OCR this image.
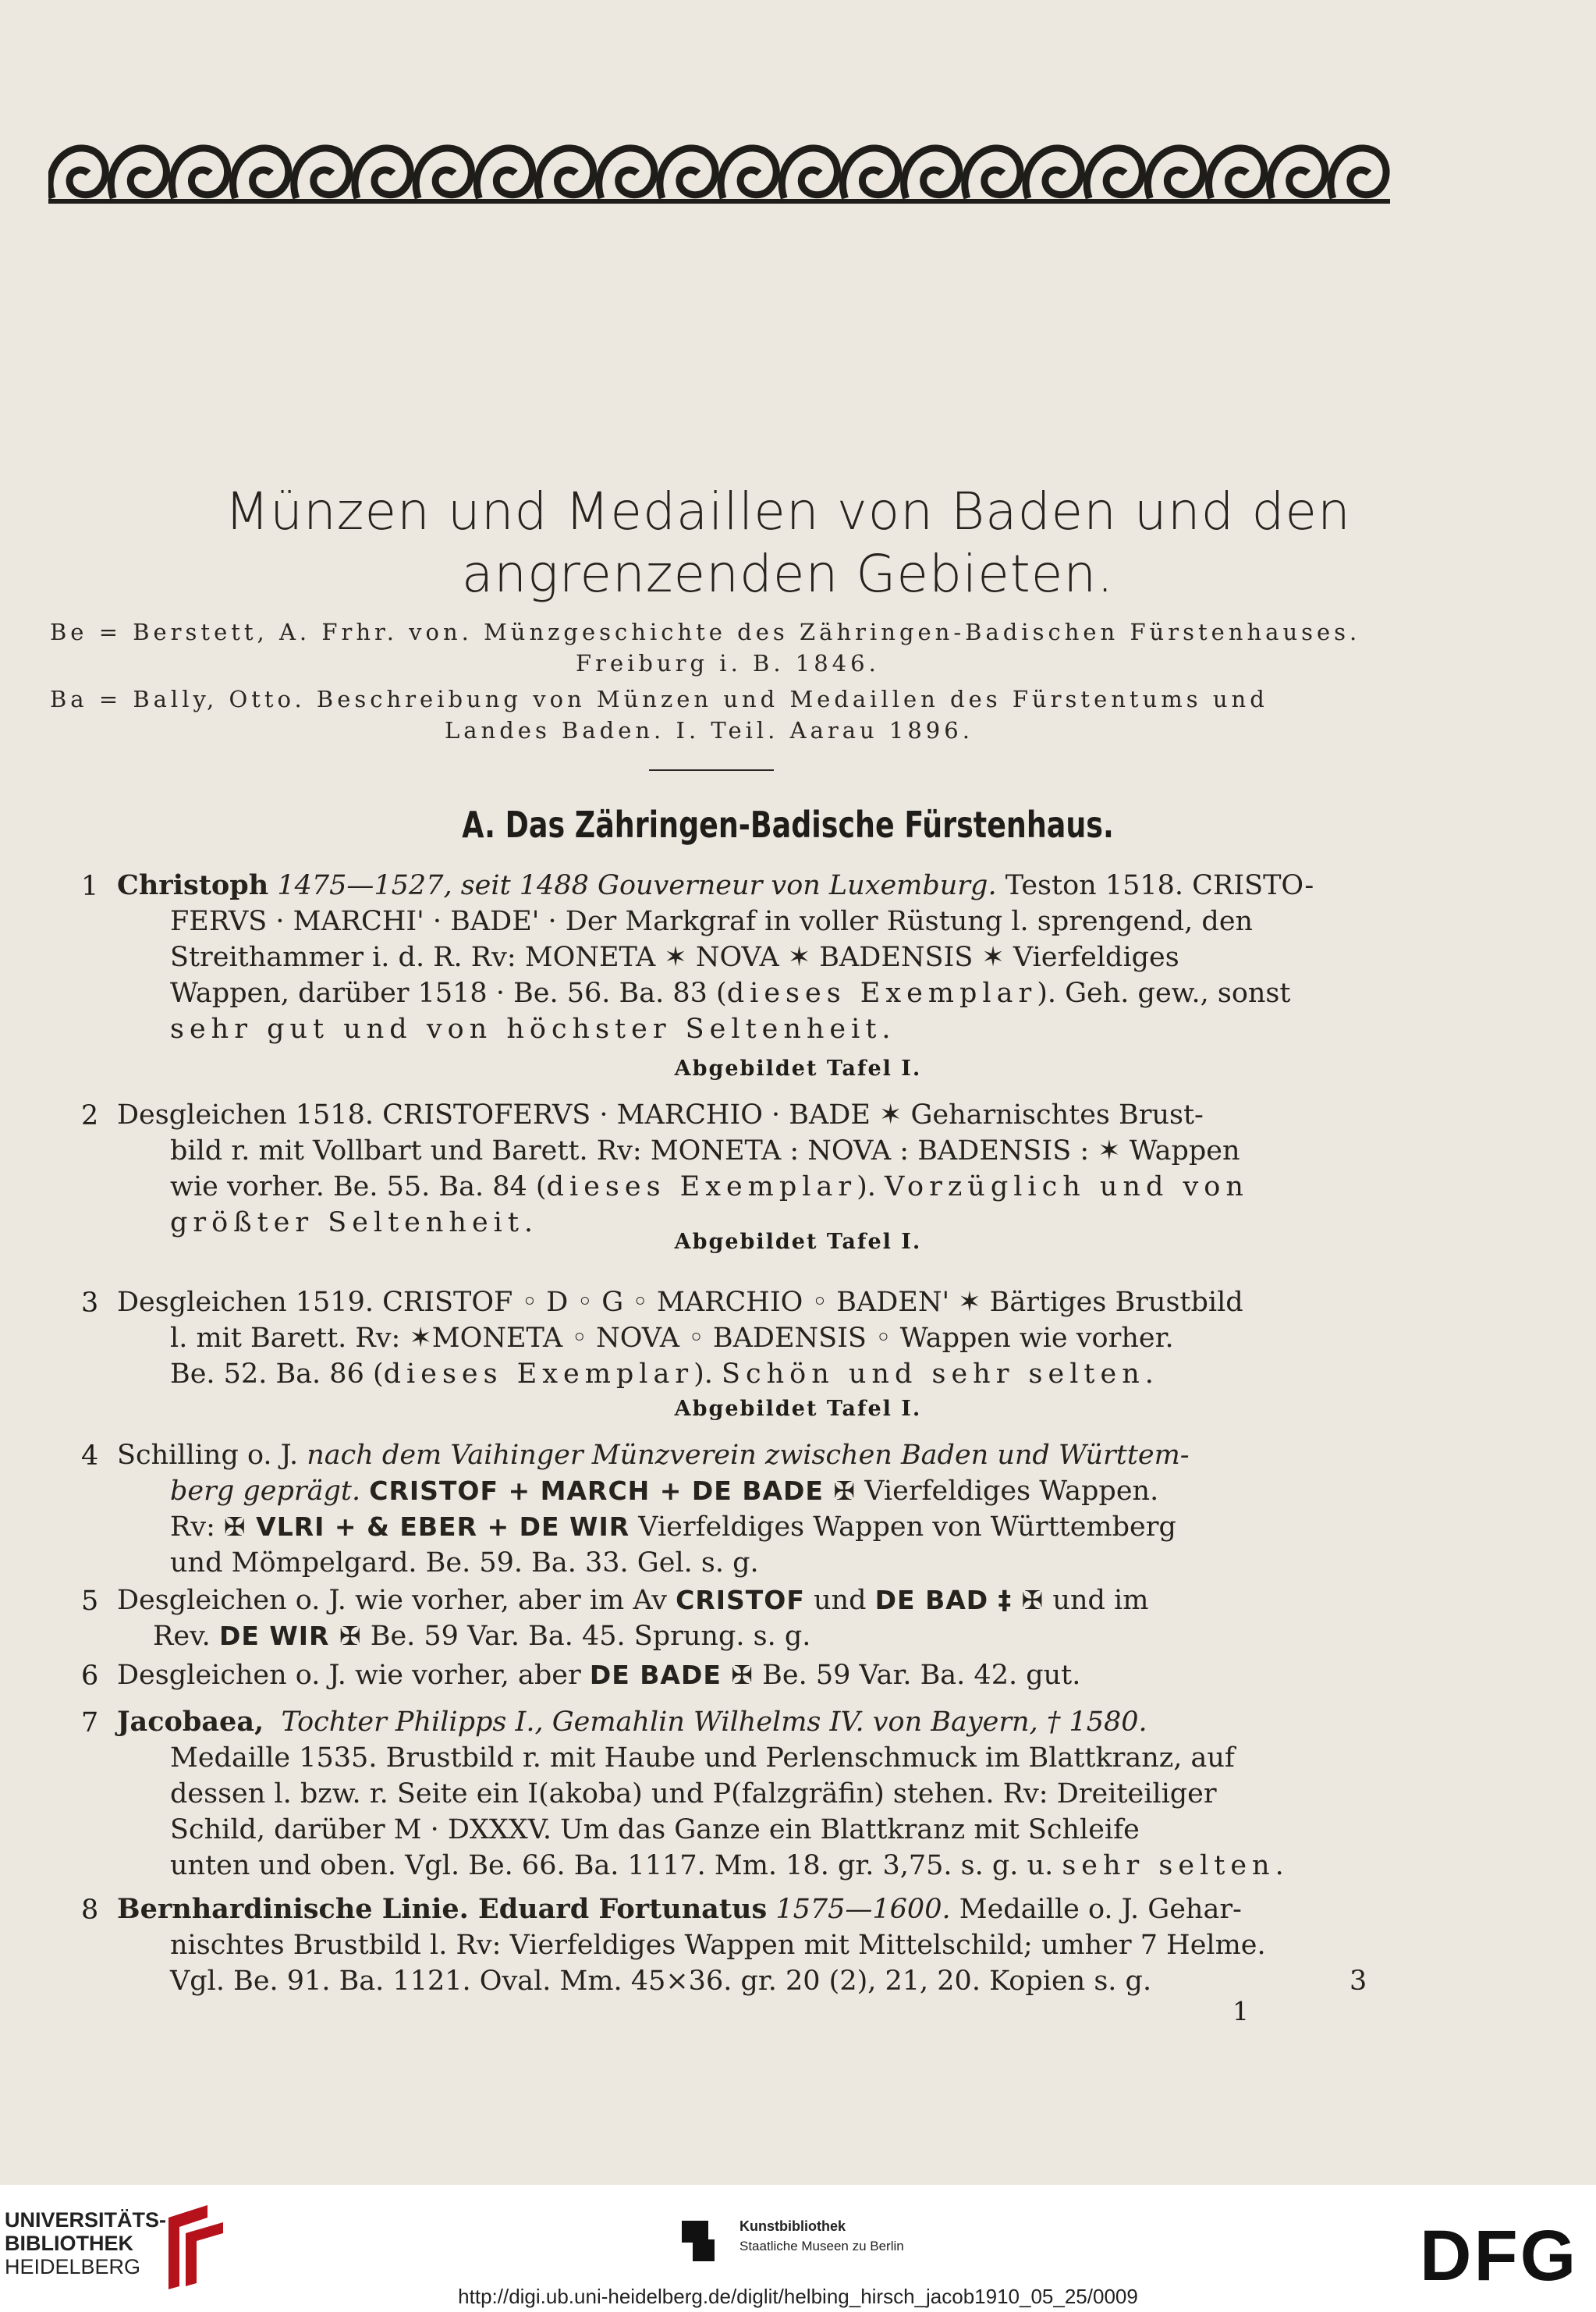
Münzen und Medaillen von Baden und den
angrenzenden Gebieten.
Be = Berstett, A. Frhr. von. Münzgeschichte des Zähringen-Badischen Fürstenhauses.
Freiburg i. B. 1846.
Ba = Bally, Otto. Beschreibung von Münzen und Medaillen des Fürstentums und
Landes Baden. I. Teil. Aarau 1896.
A. Das Zähringen-Badische Fürstenhaus.
1 Christoph 1475—1527, seit 1488 Gouverneur von Luxemburg. Teston 1518. CRISTO-
FERVS · MARCHI' · BADE' · Der Markgraf in voller Rüstung l. sprengend, den
Streithammer i. d. R. Rv: MONETA ✶ NOVA ✶ BADENSIS ✶ Vierfeldiges
Wappen, darüber 1518 · Be. 56. Ba. 83 (dieses Exemplar). Geh. gew., sonst
sehr gut und von höchster Seltenheit.
Abgebildet Tafel I.
2 Desgleichen 1518. CRISTOFERVS · MARCHIO · BADE ✶ Geharnischtes Brust-
bild r. mit Vollbart und Barett. Rv: MONETA : NOVA : BADENSIS : ✶ Wappen
wie vorher. Be. 55. Ba. 84 (dieses Exemplar). Vorzüglich und von
größter Seltenheit.
Abgebildet Tafel I.
3 Desgleichen 1519. CRISTOF ◦ D ◦ G ◦ MARCHIO ◦ BADEN' ✶ Bärtiges Brustbild
l. mit Barett. Rv: ✶MONETA ◦ NOVA ◦ BADENSIS ◦ Wappen wie vorher.
Be. 52. Ba. 86 (dieses Exemplar). Schön und sehr selten.
Abgebildet Tafel I.
4 Schilling o. J. nach dem Vaihinger Münzverein zwischen Baden und Württem-
berg geprägt. CRISTOF + MARCH + DE BADE ✠ Vierfeldiges Wappen.
Rv: ✠ VLRI + & EBER + DE WIR Vierfeldiges Wappen von Württemberg
und Mömpelgard. Be. 59. Ba. 33. Gel. s. g.
5 Desgleichen o. J. wie vorher, aber im Av CRISTOF und DE BAD ‡ ✠ und im
Rev. DE WIR ✠ Be. 59 Var. Ba. 45. Sprung. s. g.
6 Desgleichen o. J. wie vorher, aber DE BADE ✠ Be. 59 Var. Ba. 42. gut.
7 Jacobaea, Tochter Philipps I., Gemahlin Wilhelms IV. von Bayern, † 1580.
Medaille 1535. Brustbild r. mit Haube und Perlenschmuck im Blattkranz, auf
dessen l. bzw. r. Seite ein I(akoba) und P(falzgräfin) stehen. Rv: Dreiteiliger
Schild, darüber M · DXXXV. Um das Ganze ein Blattkranz mit Schleife
unten und oben. Vgl. Be. 66. Ba. 1117. Mm. 18. gr. 3,75. s. g. u. sehr selten.
8 Bernhardinische Linie. Eduard Fortunatus 1575—1600. Medaille o. J. Gehar-
nischtes Brustbild l. Rv: Vierfeldiges Wappen mit Mittelschild; umher 7 Helme.
Vgl. Be. 91. Ba. 1121. Oval. Mm. 45×36. gr. 20 (2), 21, 20. Kopien s. g.	3
1
UNIVERSITÄTS-
BIBLIOTHEK
HEIDELBERG
Kunstbibliothek
Staatliche Museen zu Berlin	DFG
http://digi.ub.uni-heidelberg.de/diglit/helbing_hirsch_jacob1910_05_25/0009
